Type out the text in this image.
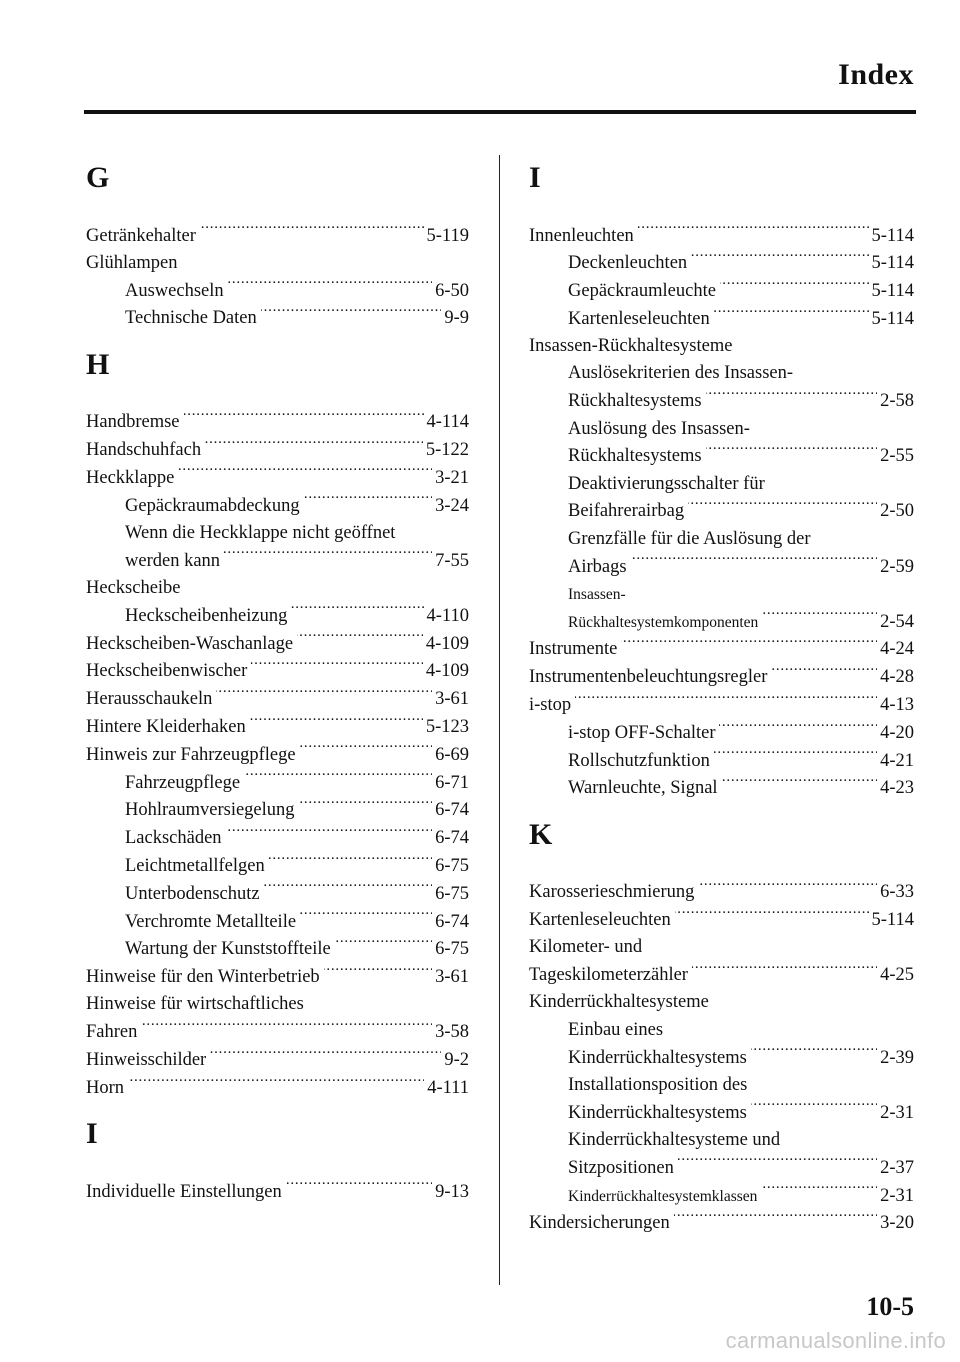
Index
G
Getränkehalter . . .	5-119
Glühlampen
Auswechseln . . .	6-50
Technische Daten . . .	9-9
H
Handbremse . . .	4-114
Handschuhfach . . .	5-122
Heckklappe . . .	3-21
Gepäckraumabdeckung . . .	3-24
Wenn die Heckklappe nicht geöffnet
werden kann . . .	7-55
Heckscheibe
Heckscheibenheizung . . .	4-110
Heckscheiben-Waschanlage . . .	4-109
Heckscheibenwischer . . .	4-109
Herausschaukeln . . .	3-61
Hintere Kleiderhaken . . .	5-123
Hinweis zur Fahrzeugpflege . . .	6-69
Fahrzeugpflege . . .	6-71
Hohlraumversiegelung . . .	6-74
Lackschäden . . .	6-74
Leichtmetallfelgen . . .	6-75
Unterbodenschutz . . .	6-75
Verchromte Metallteile . . .	6-74
Wartung der Kunststoffteile . . .	6-75
Hinweise für den Winterbetrieb . . .	3-61
Hinweise für wirtschaftliches
Fahren . . .	3-58
Hinweisschilder . . .	9-2
Horn . . .	4-111
I
Individuelle Einstellungen . . .	9-13
I
Innenleuchten . . .	5-114
Deckenleuchten . . .	5-114
Gepäckraumleuchte . . .	5-114
Kartenleseleuchten . . .	5-114
Insassen-Rückhaltesysteme
Auslösekriterien des Insassen-
Rückhaltesystems . . .	2-58
Auslösung des Insassen-
Rückhaltesystems . . .	2-55
Deaktivierungsschalter für
Beifahrerairbag . . .	2-50
Grenzfälle für die Auslösung der
Airbags . . .	2-59
Insassen-
Rückhaltesystemkomponenten . . .	2-54
Instrumente . . .	4-24
Instrumentenbeleuchtungsregler . . .	4-28
i-stop . . .	4-13
i-stop OFF-Schalter . . .	4-20
Rollschutzfunktion . . .	4-21
Warnleuchte, Signal . . .	4-23
K
Karosserieschmierung . . .	6-33
Kartenleseleuchten . . .	5-114
Kilometer- und
Tageskilometerzähler . . .	4-25
Kinderrückhaltesysteme
Einbau eines
Kinderrückhaltesystems . . .	2-39
Installationsposition des
Kinderrückhaltesystems . . .	2-31
Kinderrückhaltesysteme und
Sitzpositionen . . .	2-37
Kinderrückhaltesystemklassen . . .	2-31
Kindersicherungen . . .	3-20
10-5
carmanualsonline.info
